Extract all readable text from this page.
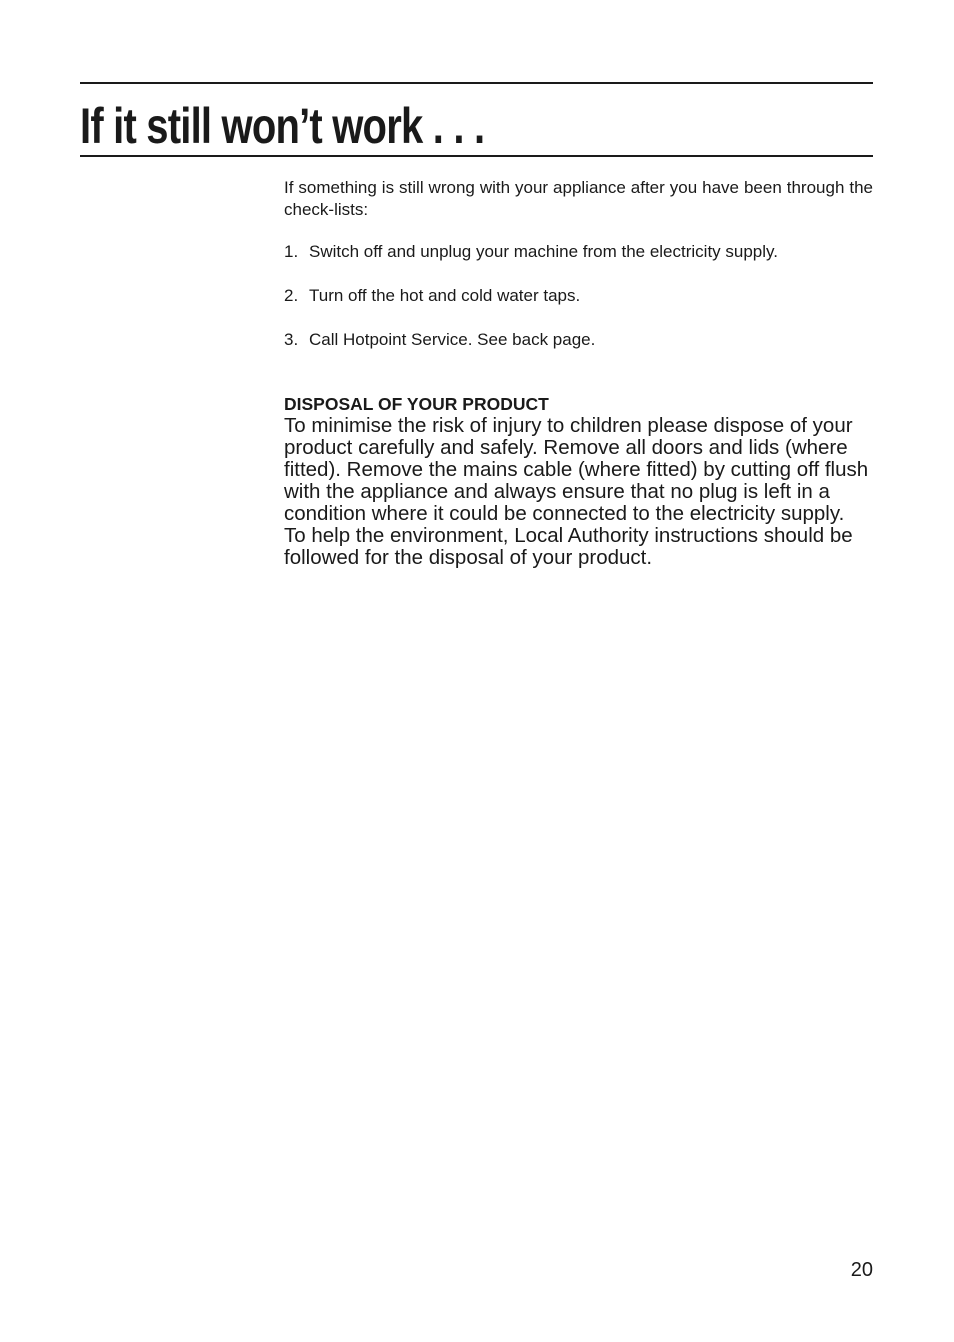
If it still won’t work . . .

If something is still wrong with your appliance after you have been through the check-lists:

1. Switch off and unplug your machine from the electricity supply.
2. Turn off the hot and cold water taps.
3. Call Hotpoint Service. See back page.
DISPOSAL OF YOUR PRODUCT

To minimise the risk of injury to children please dispose of your product carefully and safely. Remove all doors and lids (where fitted). Remove the mains cable (where fitted) by cutting off flush with the appliance and always ensure that no plug is left in a condition where it could be connected to the electricity supply.

To help the environment, Local Authority instructions should be followed for the disposal of your product.

20
